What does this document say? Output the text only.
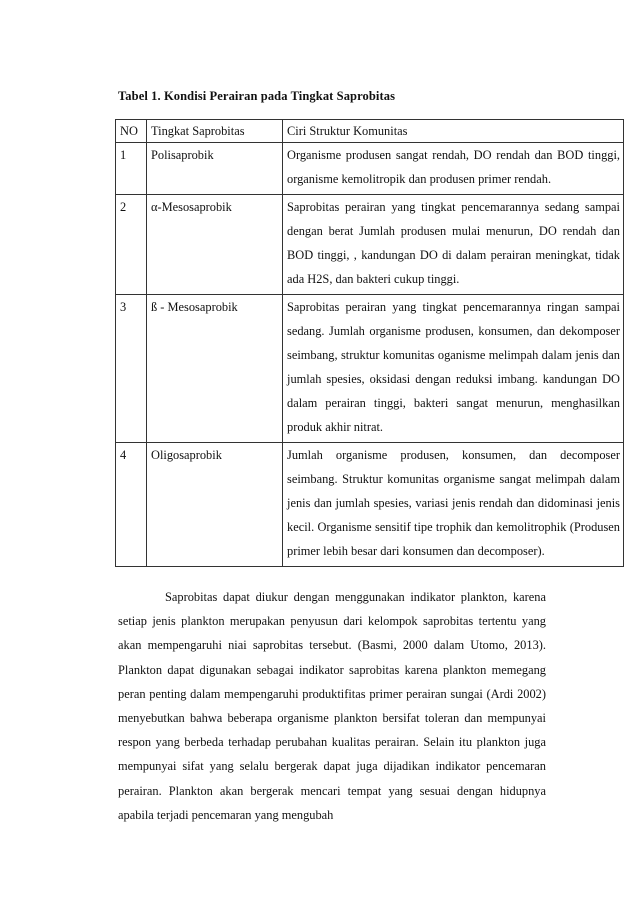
Tabel 1. Kondisi Perairan pada Tingkat Saprobitas
NO	Tingkat Saprobitas	Ciri Struktur Komunitas
1	Polisaprobik	Organisme produsen sangat rendah, DO rendah dan BOD tinggi, organisme kemolitropik dan produsen primer rendah.
2	α-Mesosaprobik	Saprobitas perairan yang tingkat pencemarannya sedang sampai dengan berat Jumlah produsen mulai menurun, DO rendah dan BOD tinggi, , kandungan DO di dalam perairan meningkat, tidak ada H2S, dan bakteri cukup tinggi.
3	ß - Mesosaprobik	Saprobitas perairan yang tingkat pencemarannya ringan sampai sedang. Jumlah organisme produsen, konsumen, dan dekomposer seimbang, struktur komunitas oganisme melimpah dalam jenis dan jumlah spesies, oksidasi dengan reduksi imbang. kandungan DO dalam perairan tinggi, bakteri sangat menurun, menghasilkan produk akhir nitrat.
4	Oligosaprobik	Jumlah organisme produsen, konsumen, dan decomposer seimbang. Struktur komunitas organisme sangat melimpah dalam jenis dan jumlah spesies, variasi jenis rendah dan didominasi jenis kecil. Organisme sensitif tipe trophik dan kemolitrophik (Produsen primer lebih besar dari konsumen dan decomposer).

Saprobitas dapat diukur dengan menggunakan indikator plankton, karena setiap jenis plankton merupakan penyusun dari kelompok saprobitas tertentu yang akan mempengaruhi niai saprobitas tersebut. (Basmi, 2000 dalam Utomo, 2013). Plankton dapat digunakan sebagai indikator saprobitas karena plankton memegang peran penting dalam mempengaruhi produktifitas primer perairan sungai (Ardi 2002) menyebutkan bahwa beberapa organisme plankton bersifat toleran dan mempunyai respon yang berbeda terhadap perubahan kualitas perairan. Selain itu plankton juga mempunyai sifat yang selalu bergerak dapat juga dijadikan indikator pencemaran perairan. Plankton akan bergerak mencari tempat yang sesuai dengan hidupnya apabila terjadi pencemaran yang mengubah
